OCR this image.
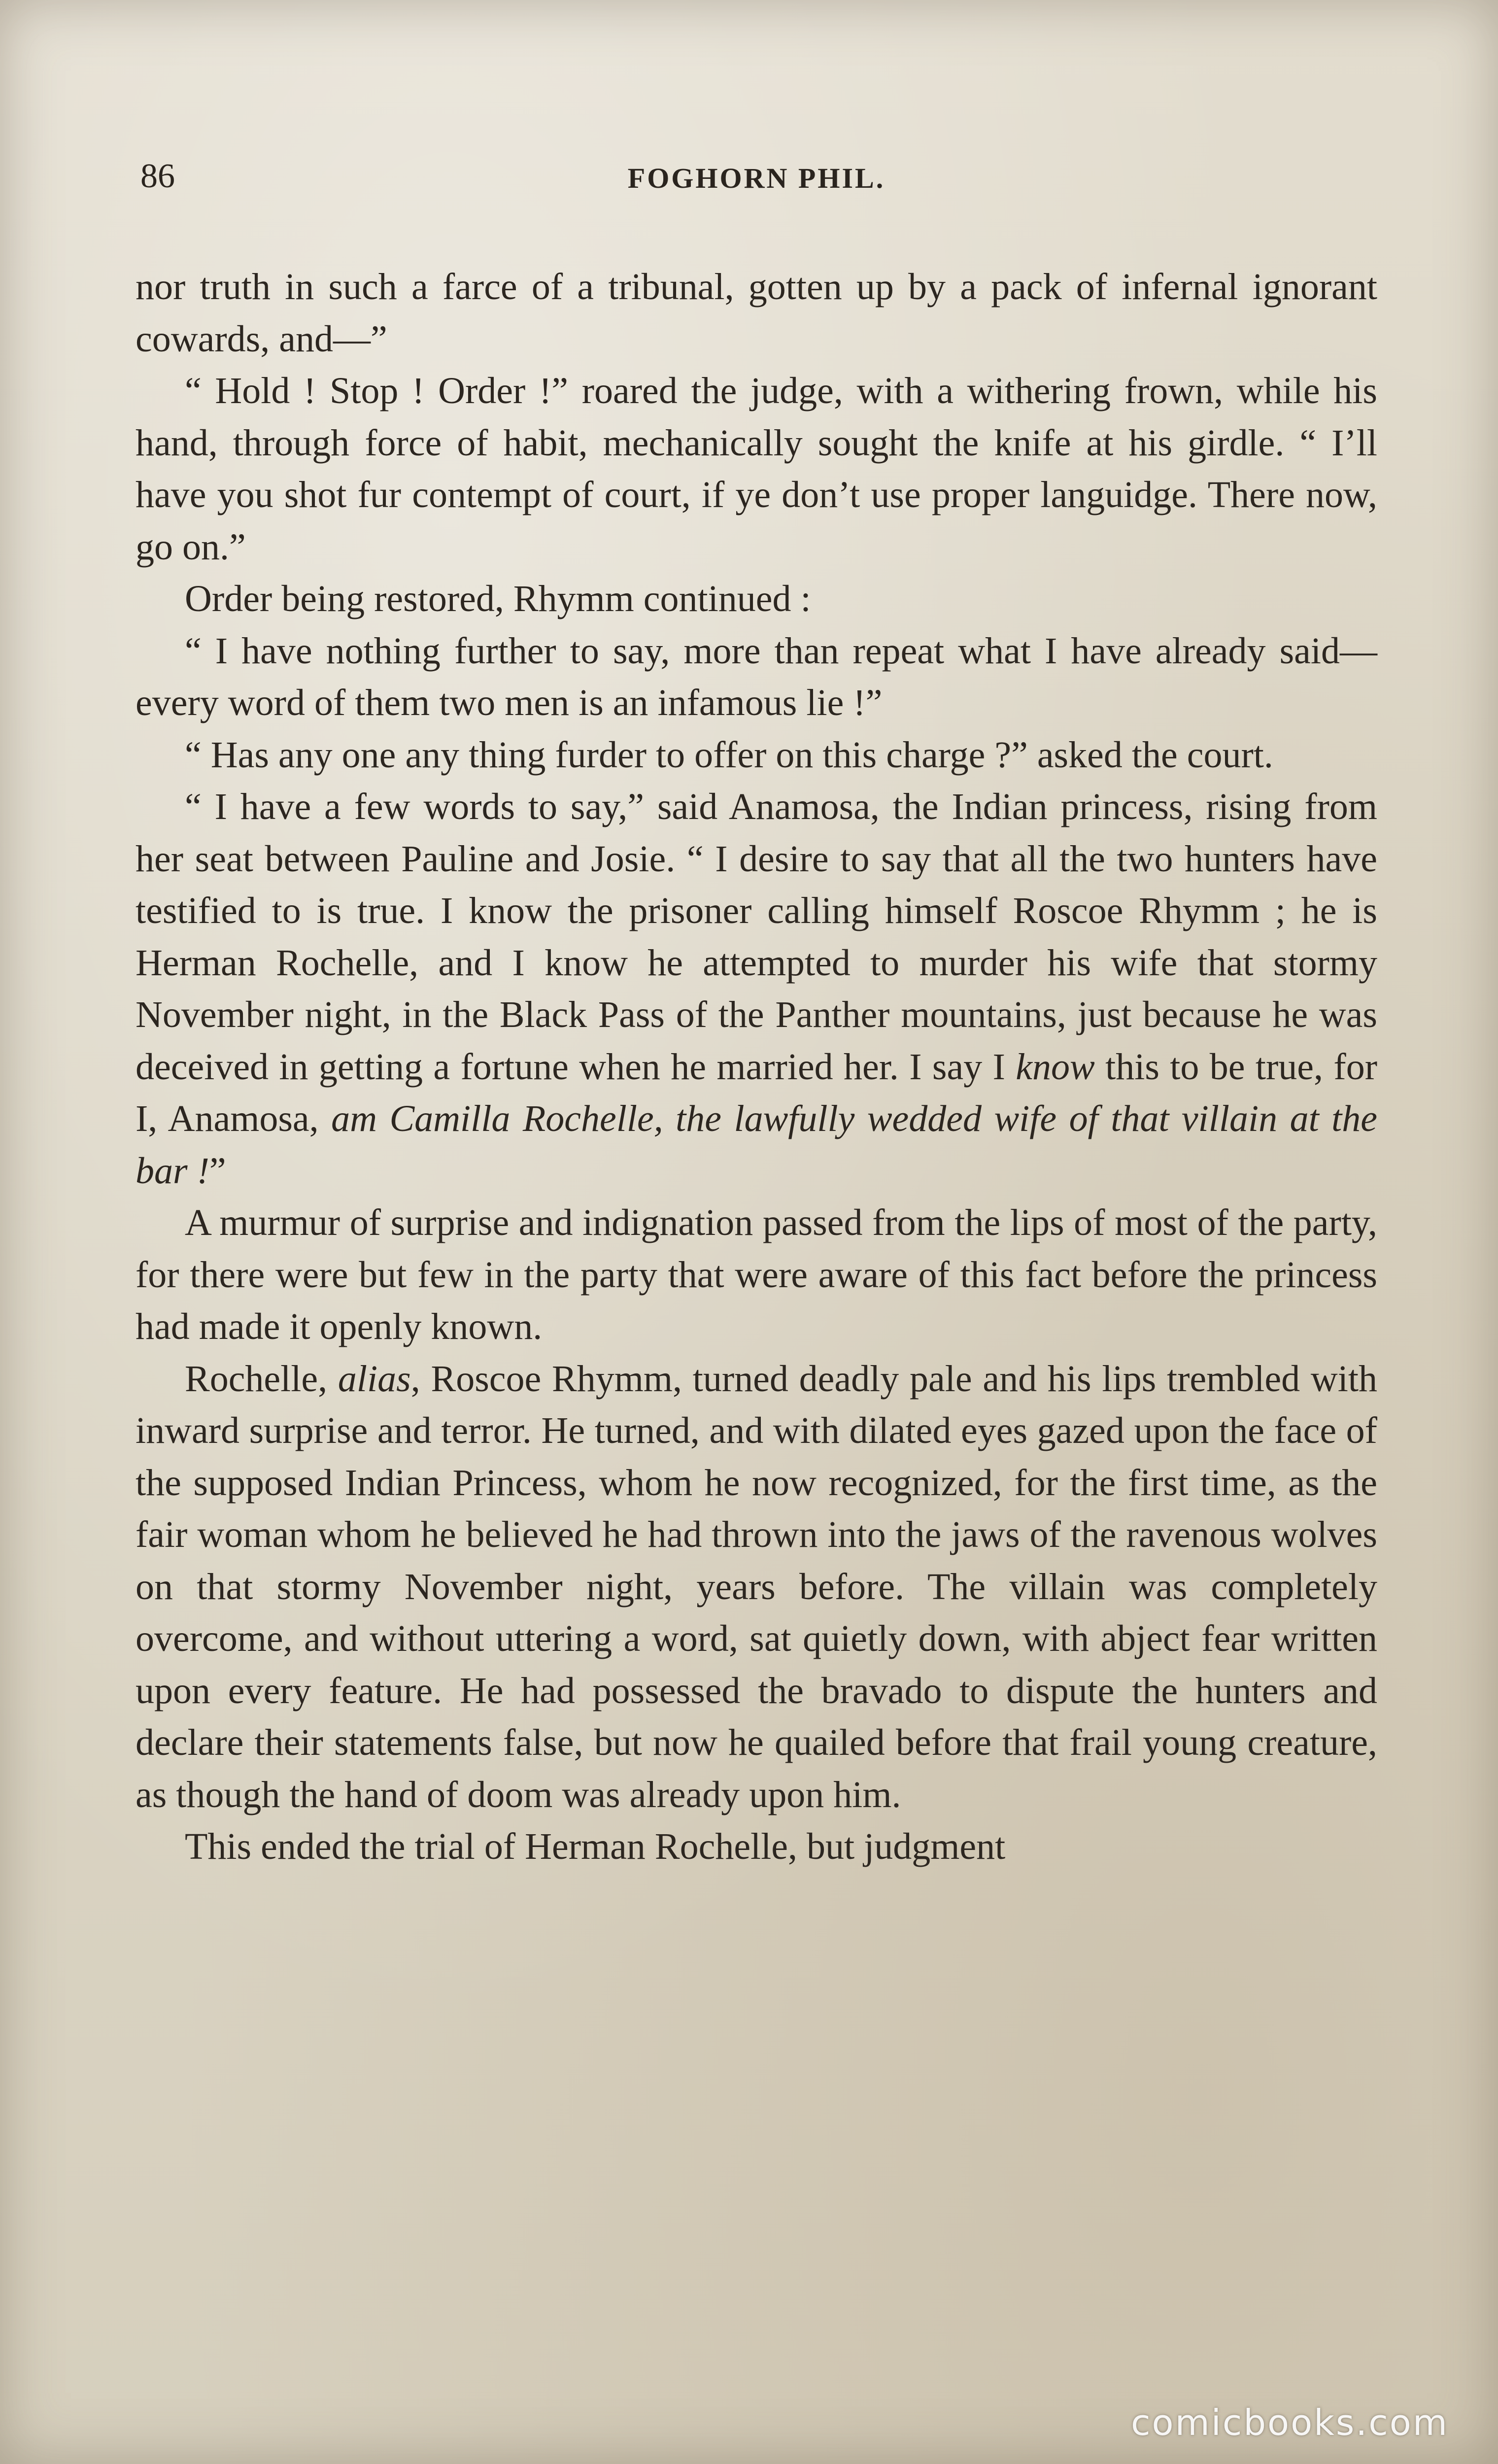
86	FOGHORN PHIL.

nor truth in such a farce of a tribunal, gotten up by a pack of infernal ignorant cowards, and—”

“ Hold ! Stop ! Order !” roared the judge, with a withering frown, while his hand, through force of habit, mechanically sought the knife at his girdle. “ I’ll have you shot fur contempt of court, if ye don’t use proper languidge. There now, go on.”

Order being restored, Rhymm continued :

“ I have nothing further to say, more than repeat what I have already said—every word of them two men is an infamous lie !”

“ Has any one any thing furder to offer on this charge ?” asked the court.

“ I have a few words to say,” said Anamosa, the Indian princess, rising from her seat between Pauline and Josie. “ I desire to say that all the two hunters have testified to is true. I know the prisoner calling himself Roscoe Rhymm ; he is Herman Rochelle, and I know he attempted to murder his wife that stormy November night, in the Black Pass of the Panther mountains, just because he was deceived in getting a fortune when he married her. I say I know this to be true, for I, Anamosa, am Camilla Rochelle, the lawfully wedded wife of that villain at the bar !”

A murmur of surprise and indignation passed from the lips of most of the party, for there were but few in the party that were aware of this fact before the princess had made it openly known.

Rochelle, alias, Roscoe Rhymm, turned deadly pale and his lips trembled with inward surprise and terror. He turned, and with dilated eyes gazed upon the face of the supposed Indian Princess, whom he now recognized, for the first time, as the fair woman whom he believed he had thrown into the jaws of the ravenous wolves on that stormy November night, years before. The villain was completely overcome, and without uttering a word, sat quietly down, with abject fear written upon every feature. He had possessed the bravado to dispute the hunters and declare their statements false, but now he quailed before that frail young creature, as though the hand of doom was already upon him.

This ended the trial of Herman Rochelle, but judgment

comicbooks.com
